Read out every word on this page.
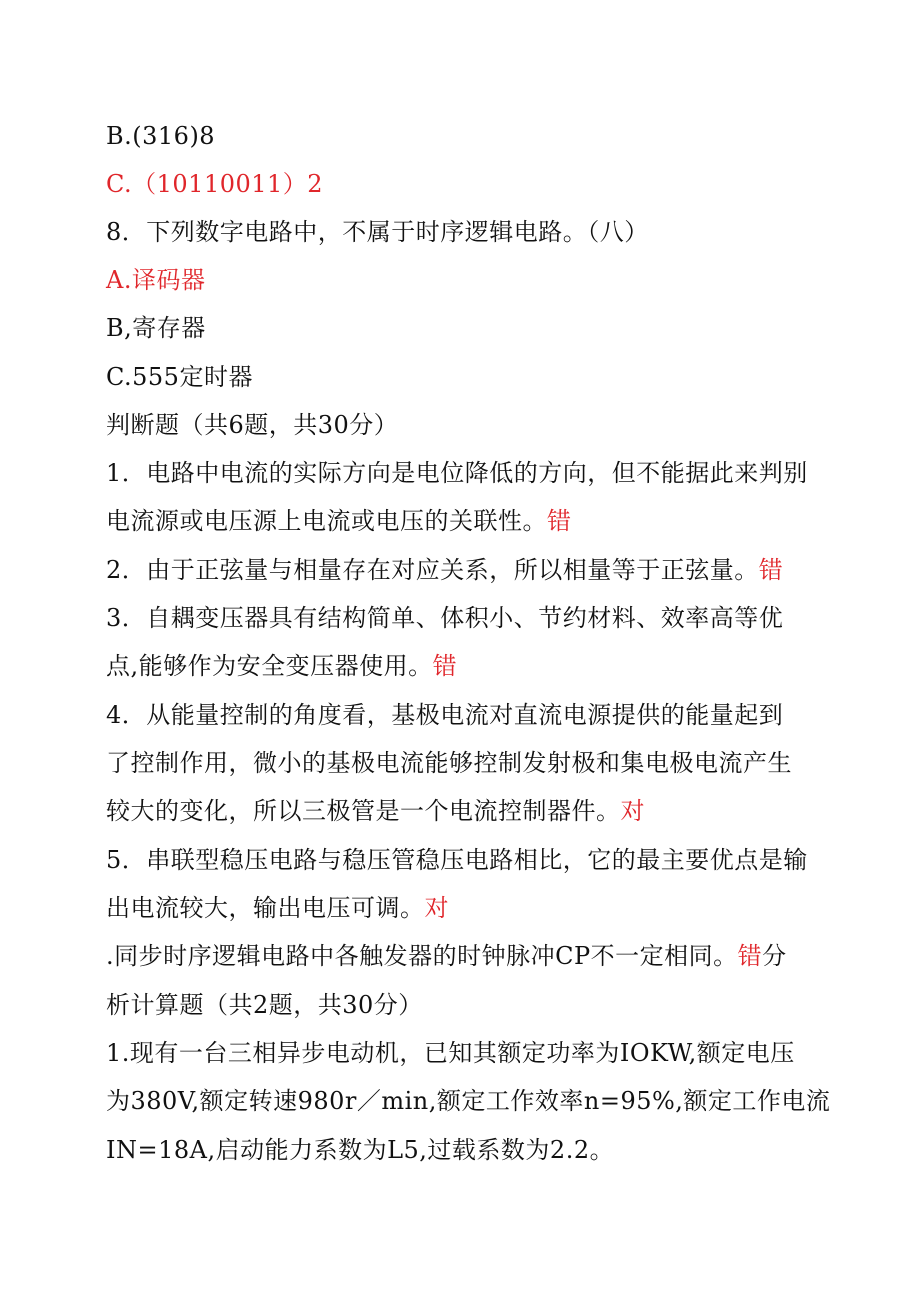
B.(316)8
C.（10110011）2
8．下列数字电路中，不属于时序逻辑电路。（八）
A.译码器
B,寄存器
C.555定时器
判断题（共6题，共30分）
1．电路中电流的实际方向是电位降低的方向，但不能据此来判别
电流源或电压源上电流或电压的关联性。错
2．由于正弦量与相量存在对应关系，所以相量等于正弦量。错
3．自耦变压器具有结构简单、体积小、节约材料、效率高等优
点,能够作为安全变压器使用。错
4．从能量控制的角度看，基极电流对直流电源提供的能量起到
了控制作用，微小的基极电流能够控制发射极和集电极电流产生
较大的变化，所以三极管是一个电流控制器件。对
5．串联型稳压电路与稳压管稳压电路相比，它的最主要优点是输
出电流较大，输出电压可调。对
.同步时序逻辑电路中各触发器的时钟脉冲CP不一定相同。错分
析计算题（共2题，共30分）
1.现有一台三相异步电动机，已知其额定功率为IOKW,额定电压
为380V,额定转速980r／min,额定工作效率n=95%,额定工作电流
IN=18A,启动能力系数为L5,过载系数为2.2。
